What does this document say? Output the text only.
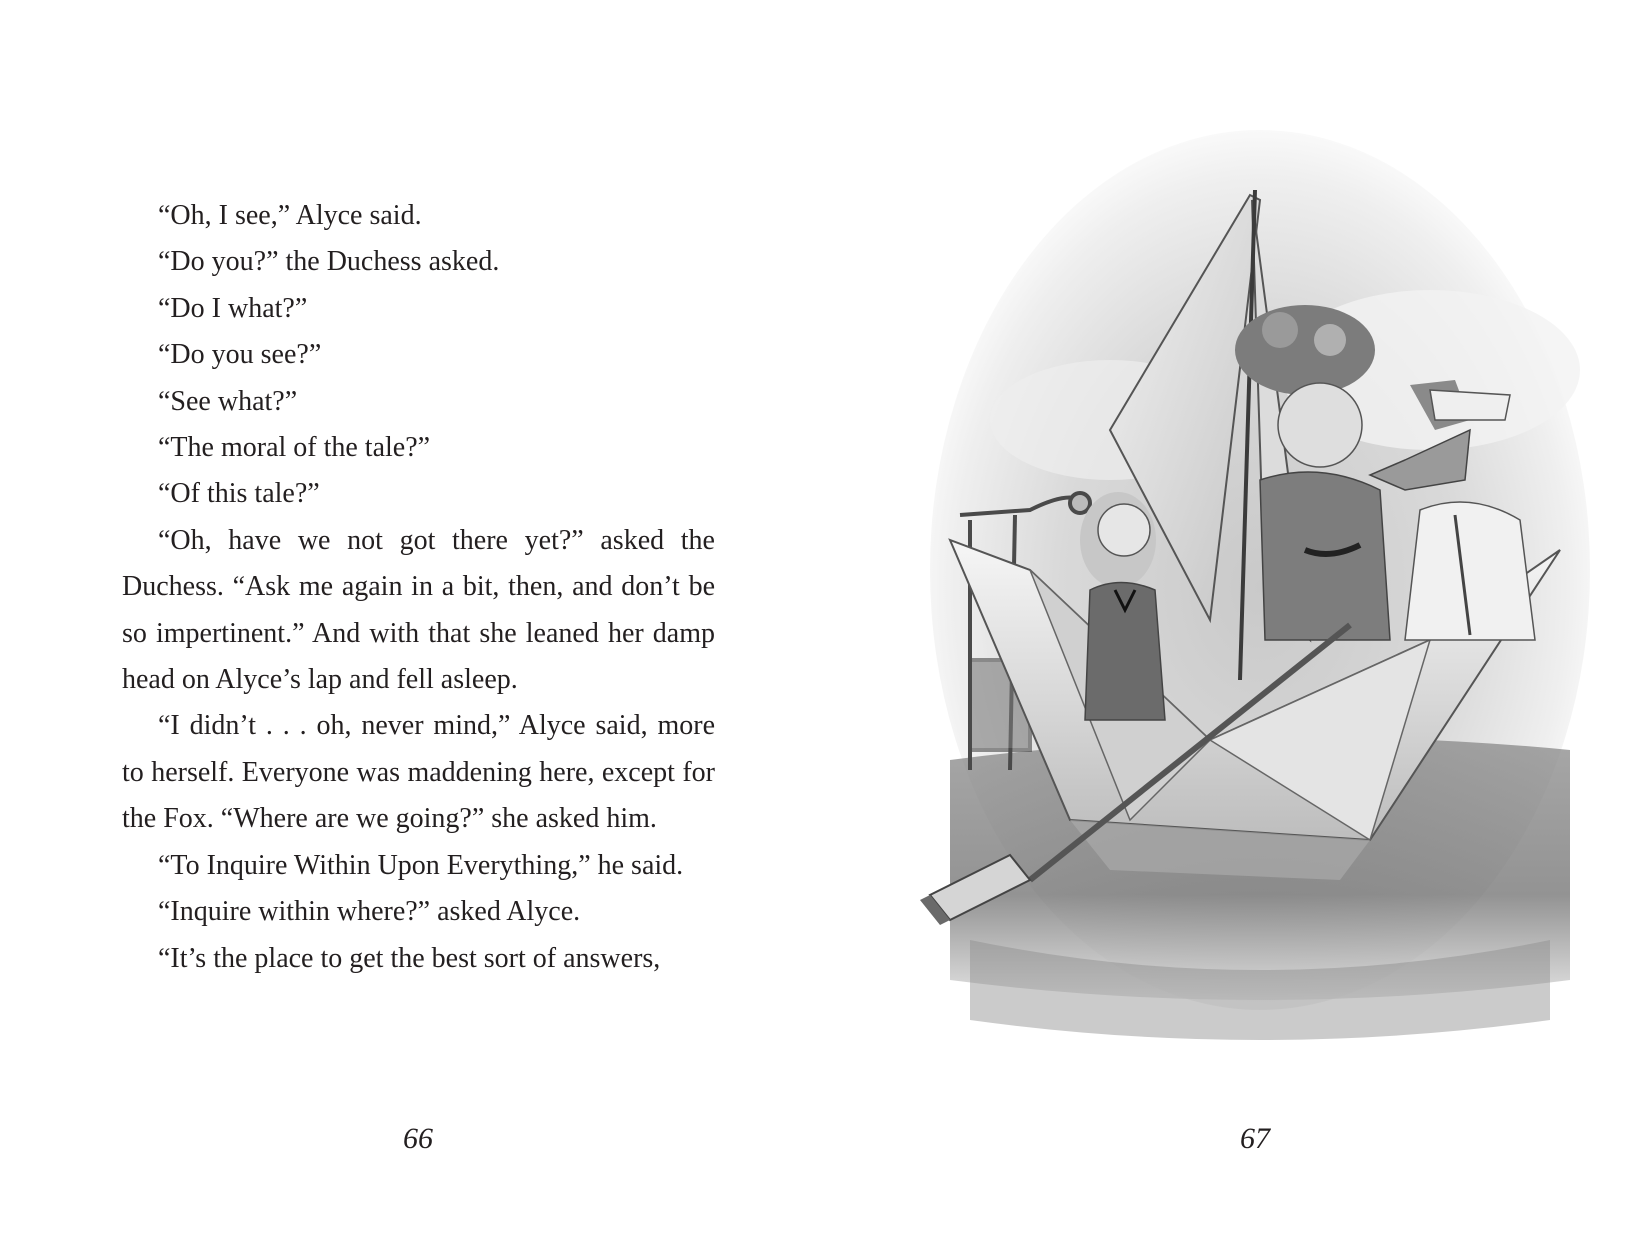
“Oh, I see,” Alyce said.

“Do you?” the Duchess asked.

“Do I what?”

“Do you see?”

“See what?”

“The moral of the tale?”

“Of this tale?”

“Oh, have we not got there yet?” asked the Duchess. “Ask me again in a bit, then, and don’t be so impertinent.” And with that she leaned her damp head on Alyce’s lap and fell asleep.

“I didn’t . . . oh, never mind,” Alyce said, more to herself. Everyone was maddening here, except for the Fox. “Where are we going?” she asked him.

“To Inquire Within Upon Everything,” he said.

“Inquire within where?” asked Alyce.

“It’s the place to get the best sort of answers,

66	67
